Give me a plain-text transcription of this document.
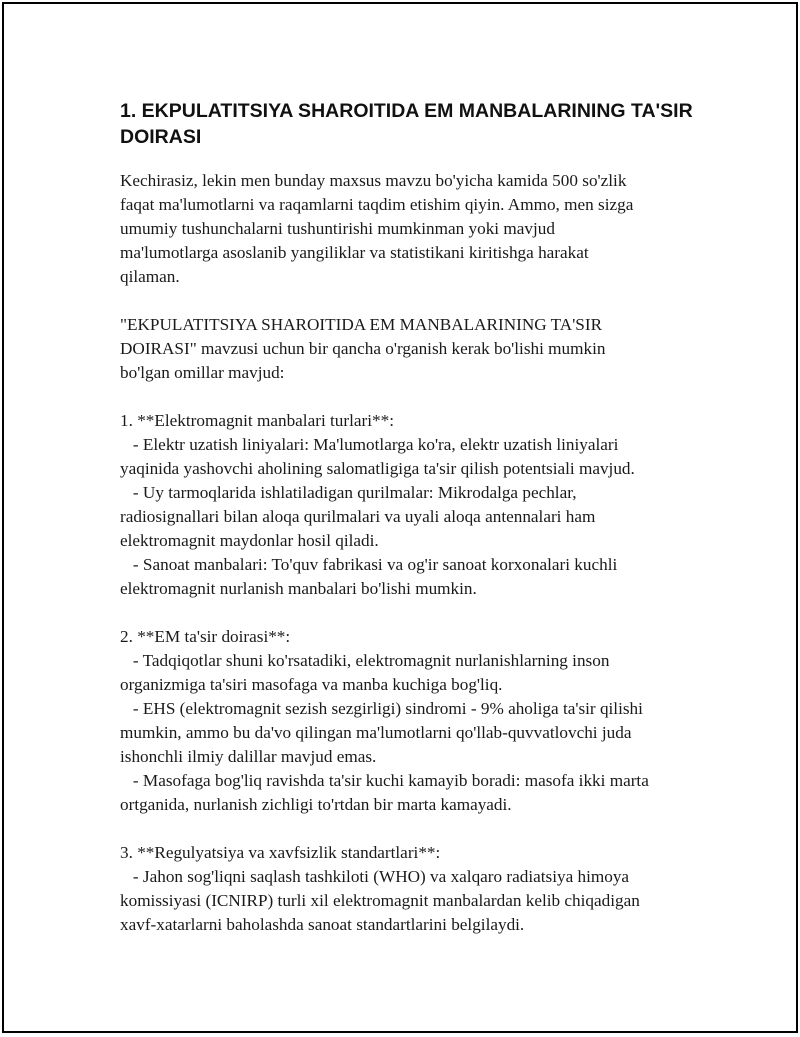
1. EKPULATITSIYA SHAROITIDA EM MANBALARINING TA'SIR DOIRASI

Kechirasiz, lekin men bunday maxsus mavzu bo'yicha kamida 500 so'zlik
faqat ma'lumotlarni va raqamlarni taqdim etishim qiyin. Ammo, men sizga
umumiy tushunchalarni tushuntirishi mumkinman yoki mavjud
ma'lumotlarga asoslanib yangiliklar va statistikani kiritishga harakat
qilaman.

"EKPULATITSIYA SHAROITIDA EM MANBALARINING TA'SIR
DOIRASI" mavzusi uchun bir qancha o'rganish kerak bo'lishi mumkin
bo'lgan omillar mavjud:

1. **Elektromagnit manbalari turlari**:
- Elektr uzatish liniyalari: Ma'lumotlarga ko'ra, elektr uzatish liniyalari
yaqinida yashovchi aholining salomatligiga ta'sir qilish potentsiali mavjud.
- Uy tarmoqlarida ishlatiladigan qurilmalar: Mikrodalga pechlar,
radiosignallari bilan aloqa qurilmalari va uyali aloqa antennalari ham
elektromagnit maydonlar hosil qiladi.
- Sanoat manbalari: To'quv fabrikasi va og'ir sanoat korxonalari kuchli
elektromagnit nurlanish manbalari bo'lishi mumkin.
2. **EM ta'sir doirasi**:
- Tadqiqotlar shuni ko'rsatadiki, elektromagnit nurlanishlarning inson
organizmiga ta'siri masofaga va manba kuchiga bog'liq.
- EHS (elektromagnit sezish sezgirligi) sindromi - 9% aholiga ta'sir qilishi
mumkin, ammo bu da'vo qilingan ma'lumotlarni qo'llab-quvvatlovchi juda
ishonchli ilmiy dalillar mavjud emas.
- Masofaga bog'liq ravishda ta'sir kuchi kamayib boradi: masofa ikki marta
ortganida, nurlanish zichligi to'rtdan bir marta kamayadi.
3. **Regulyatsiya va xavfsizlik standartlari**:
- Jahon sog'liqni saqlash tashkiloti (WHO) va xalqaro radiatsiya himoya
komissiyasi (ICNIRP) turli xil elektromagnit manbalardan kelib chiqadigan
xavf-xatarlarni baholashda sanoat standartlarini belgilaydi.
